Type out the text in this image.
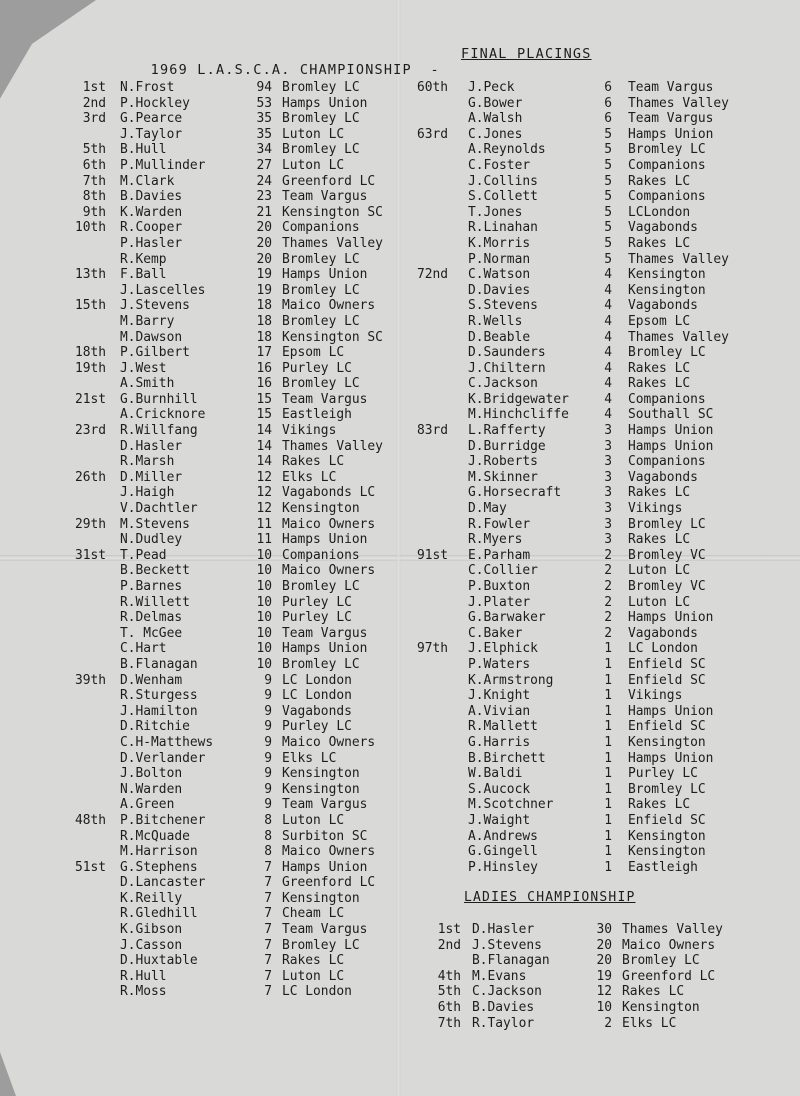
1969 L.A.S.C.A. CHAMPIONSHIP  -

FINAL PLACINGS

1st N.Frost	94 Bromley LC
2nd P.Hockley	53 Hamps Union
3rd G.Pearce	35 Bromley LC
J.Taylor	35 Luton LC
5th B.Hull	34 Bromley LC
6th P.Mullinder	27 Luton LC
7th M.Clark	24 Greenford LC
8th B.Davies	23 Team Vargus
9th K.Warden	21 Kensington SC
10th R.Cooper	20 Companions
P.Hasler	20 Thames Valley
R.Kemp	20 Bromley LC
13th F.Ball	19 Hamps Union
J.Lascelles	19 Bromley LC
15th J.Stevens	18 Maico Owners
M.Barry	18 Bromley LC
M.Dawson	18 Kensington SC
18th P.Gilbert	17 Epsom LC
19th J.West	16 Purley LC
A.Smith	16 Bromley LC
21st G.Burnhill	15 Team Vargus
A.Cricknore	15 Eastleigh
23rd R.Willfang	14 Vikings
D.Hasler	14 Thames Valley
R.Marsh	14 Rakes LC
26th D.Miller	12 Elks LC
J.Haigh	12 Vagabonds LC
V.Dachtler	12 Kensington
29th M.Stevens	11 Maico Owners
N.Dudley	11 Hamps Union
31st T.Pead	10 Companions
B.Beckett	10 Maico Owners
P.Barnes	10 Bromley LC
R.Willett	10 Purley LC
R.Delmas	10 Purley LC
T. McGee	10 Team Vargus
C.Hart	10 Hamps Union
B.Flanagan	10 Bromley LC
39th D.Wenham	9 LC London
R.Sturgess	9 LC London
J.Hamilton	9 Vagabonds
D.Ritchie	9 Purley LC
C.H-Matthews	9 Maico Owners
D.Verlander	9 Elks LC
J.Bolton	9 Kensington
N.Warden	9 Kensington
A.Green	9 Team Vargus
48th P.Bitchener	8 Luton LC
R.McQuade	8 Surbiton SC
M.Harrison	8 Maico Owners
51st G.Stephens	7 Hamps Union
D.Lancaster	7 Greenford LC
K.Reilly	7 Kensington
R.Gledhill	7 Cheam LC
K.Gibson	7 Team Vargus
J.Casson	7 Bromley LC
D.Huxtable	7 Rakes LC
R.Hull	7 Luton LC
R.Moss	7 LC London
60th J.Peck	6 Team Vargus
G.Bower	6 Thames Valley
A.Walsh	6 Team Vargus
63rd C.Jones	5 Hamps Union
A.Reynolds	5 Bromley LC
C.Foster	5 Companions
J.Collins	5 Rakes LC
S.Collett	5 Companions
T.Jones	5 LCLondon
R.Linahan	5 Vagabonds
K.Morris	5 Rakes LC
P.Norman	5 Thames Valley
72nd C.Watson	4 Kensington
D.Davies	4 Kensington
S.Stevens	4 Vagabonds
R.Wells	4 Epsom LC
D.Beable	4 Thames Valley
D.Saunders	4 Bromley LC
J.Chiltern	4 Rakes LC
C.Jackson	4 Rakes LC
K.Bridgewater	4 Companions
M.Hinchcliffe	4 Southall SC
83rd L.Rafferty	3 Hamps Union
D.Burridge	3 Hamps Union
J.Roberts	3 Companions
M.Skinner	3 Vagabonds
G.Horsecraft	3 Rakes LC
D.May	3 Vikings
R.Fowler	3 Bromley LC
R.Myers	3 Rakes LC
91st E.Parham	2 Bromley VC
C.Collier	2 Luton LC
P.Buxton	2 Bromley VC
J.Plater	2 Luton LC
G.Barwaker	2 Hamps Union
C.Baker	2 Vagabonds
97th J.Elphick	1 LC London
P.Waters	1 Enfield SC
K.Armstrong	1 Enfield SC
J.Knight	1 Vikings
A.Vivian	1 Hamps Union
R.Mallett	1 Enfield SC
G.Harris	1 Kensington
B.Birchett	1 Hamps Union
W.Baldi	1 Purley LC
S.Aucock	1 Bromley LC
M.Scotchner	1 Rakes LC
J.Waight	1 Enfield SC
A.Andrews	1 Kensington
G.Gingell	1 Kensington
P.Hinsley	1 Eastleigh
LADIES CHAMPIONSHIP
1st D.Hasler	30 Thames Valley
2nd J.Stevens	20 Maico Owners
B.Flanagan	20 Bromley LC
4th M.Evans	19 Greenford LC
5th C.Jackson	12 Rakes LC
6th B.Davies	10 Kensington
7th R.Taylor	2 Elks LC
